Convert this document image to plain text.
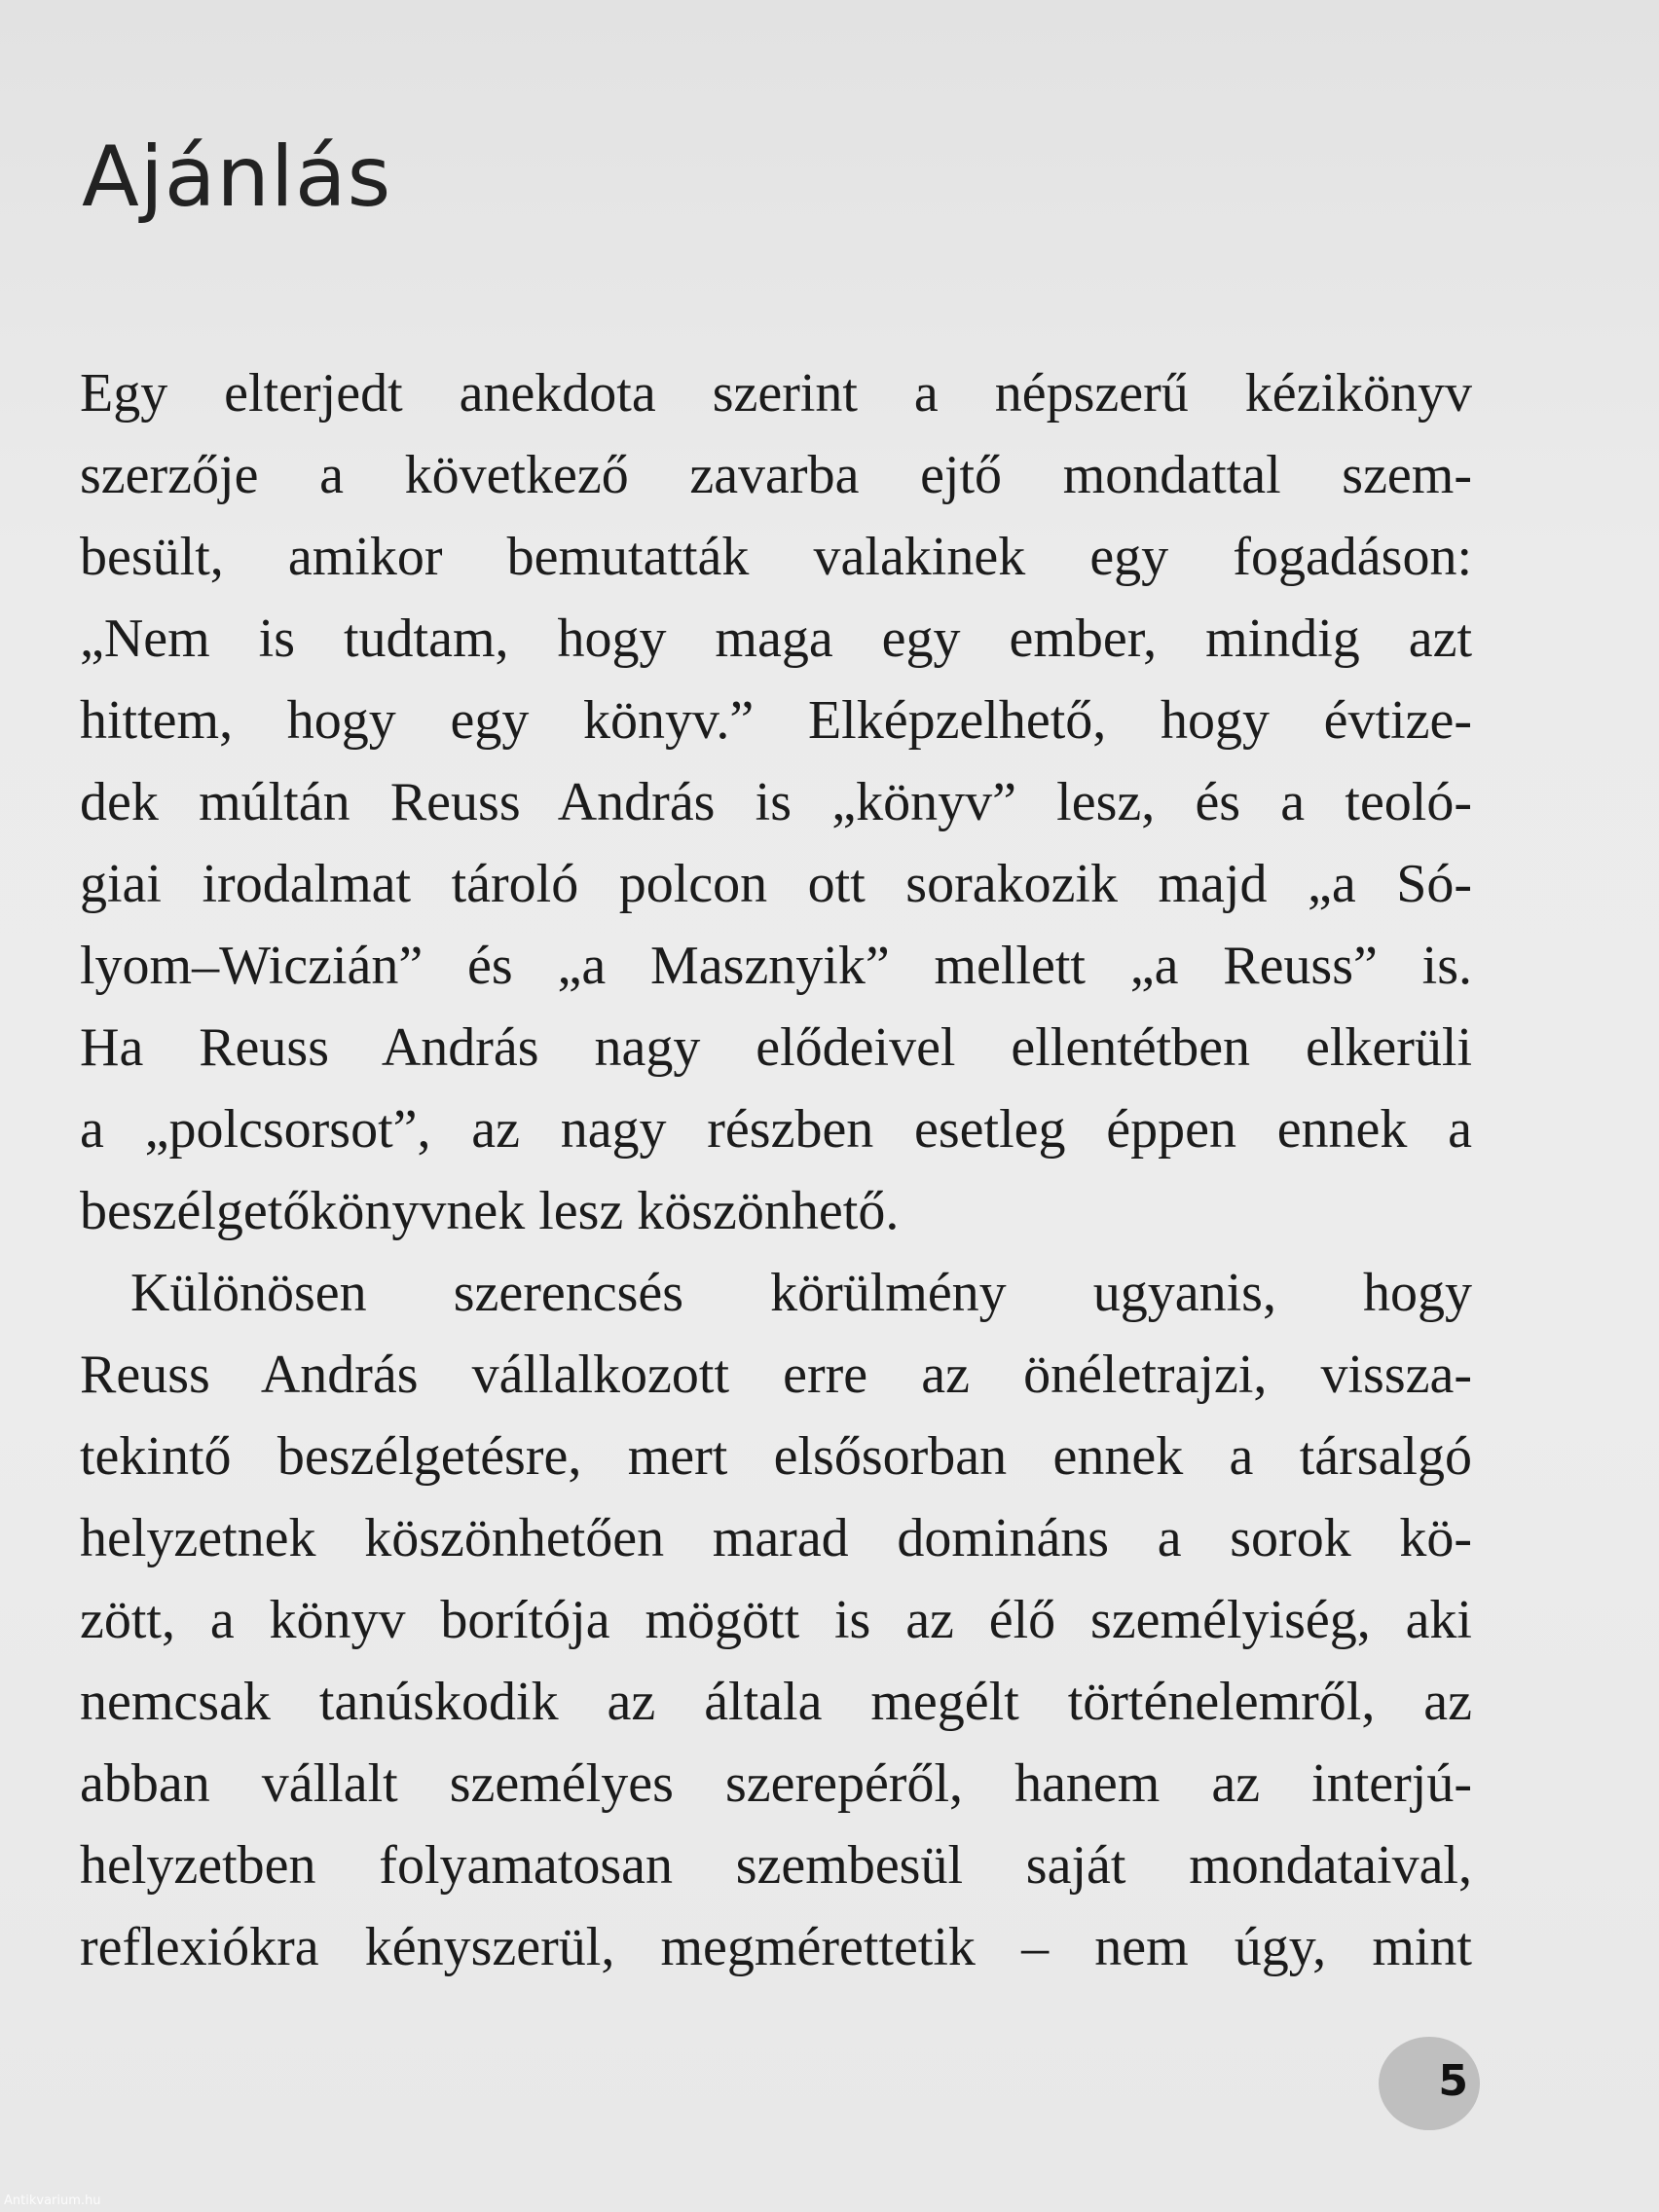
Ajánlás
Egy elterjedt anekdota szerint a népszerű kézikönyv
szerzője a következő zavarba ejtő mondattal szem-
besült, amikor bemutatták valakinek egy fogadáson:
„Nem is tudtam, hogy maga egy ember, mindig azt
hittem, hogy egy könyv.” Elképzelhető, hogy évtize-
dek múltán Reuss András is „könyv” lesz, és a teoló-
giai irodalmat tároló polcon ott sorakozik majd „a Só-
lyom–Wiczián” és „a Masznyik” mellett „a Reuss” is.
Ha Reuss András nagy elődeivel ellentétben elkerüli
a „polcsorsot”, az nagy részben esetleg éppen ennek a
beszélgetőkönyvnek lesz köszönhető.
Különösen szerencsés körülmény ugyanis, hogy
Reuss András vállalkozott erre az önéletrajzi, vissza-
tekintő beszélgetésre, mert elsősorban ennek a társalgó
helyzetnek köszönhetően marad domináns a sorok kö-
zött, a könyv borítója mögött is az élő személyiség, aki
nemcsak tanúskodik az általa megélt történelemről, az
abban vállalt személyes szerepéről, hanem az interjú-
helyzetben folyamatosan szembesül saját mondataival,
reflexiókra kényszerül, megmérettetik – nem úgy, mint
5
Antikvarium.hu
